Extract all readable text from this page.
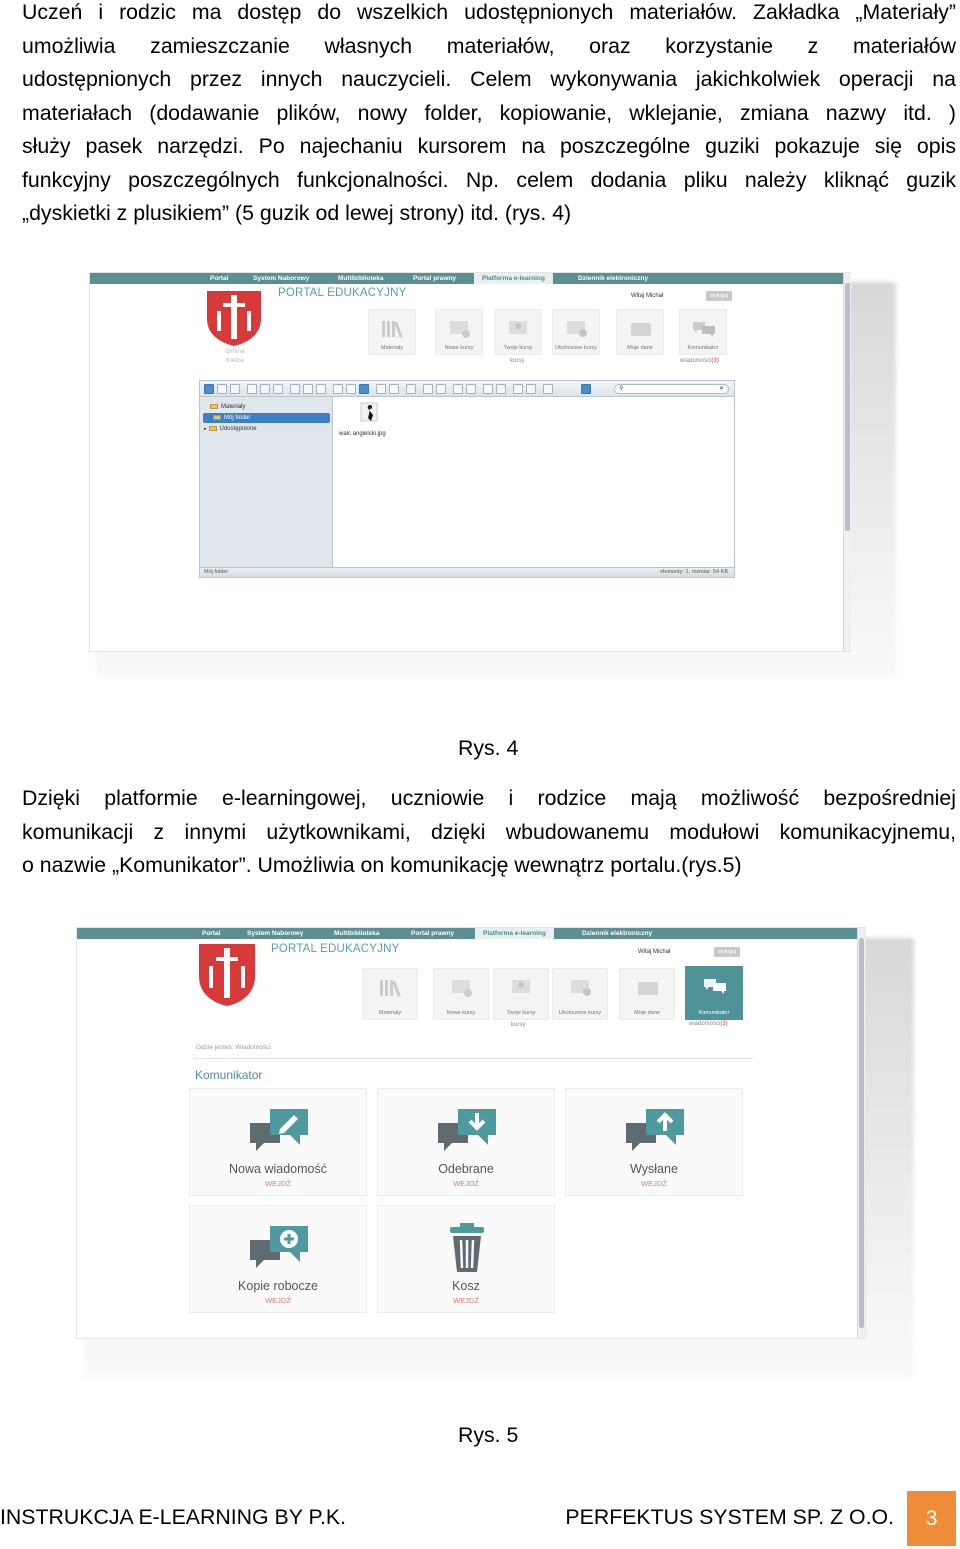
Uczeń i rodzic ma dostęp do wszelkich udostępnionych materiałów. Zakładka „Materiały”
umożliwia zamieszczanie własnych materiałów, oraz korzystanie z materiałów
udostępnionych przez innych nauczycieli. Celem wykonywania jakichkolwiek operacji na
materiałach (dodawanie plików, nowy folder, kopiowanie, wklejanie, zmiana nazwy itd. )
służy pasek narzędzi. Po najechaniu kursorem na poszczególne guziki pokazuje się opis
funkcyjny poszczególnych funkcjonalności. Np. celem dodania pliku należy kliknąć guzik
„dyskietki z plusikiem” (5 guzik od lewej strony) itd. (rys. 4)
Portal	System Naborowy	Multibiblioteka	Portal prawny	Platforma e-learning	Dziennik elektroniczny
Gmina
Kielce
PORTAL EDUKACYJNY	Witaj Michał	wyloguj
Materiały	Nowe kursy	Twoje kursy	Ukończone kursy	Moje dane	Komunikator
kursy	wiadomości(3)
⚲	✕
Materiały
Mój folder
▸ Udostępnione
walc angielski.jpg
Mój folder	elementy: 1, rozmiar: 54 KB
Rys. 4
Dzięki platformie e-learningowej, uczniowie i rodzice mają możliwość bezpośredniej
komunikacji z innymi użytkownikami, dzięki wbudowanemu modułowi komunikacyjnemu,
o nazwie „Komunikator”. Umożliwia on komunikację wewnątrz portalu.(rys.5)
Portal	System Naborowy	Multibiblioteka	Portal prawny	Platforma e-learning	Dziennik elektroniczny
PORTAL EDUKACYJNY	Witaj Michał	wyloguj
Materiały	Nowe kursy	Twoje kursy	Ukończone kursy	Moje dane	Komunikator
kursy	wiadomości(3)
Gdzie jesteś: Wiadomości
Komunikator
Nowa wiadomość
WEJDŹ
Odebrane
WEJDŹ
Wysłane
WEJDŹ
Kopie robocze
WEJDŹ
Kosz
WEJDŹ
Rys. 5
INSTRUKCJA E-LEARNING BY P.K.	PERFEKTUS SYSTEM SP. Z O.O.	3
